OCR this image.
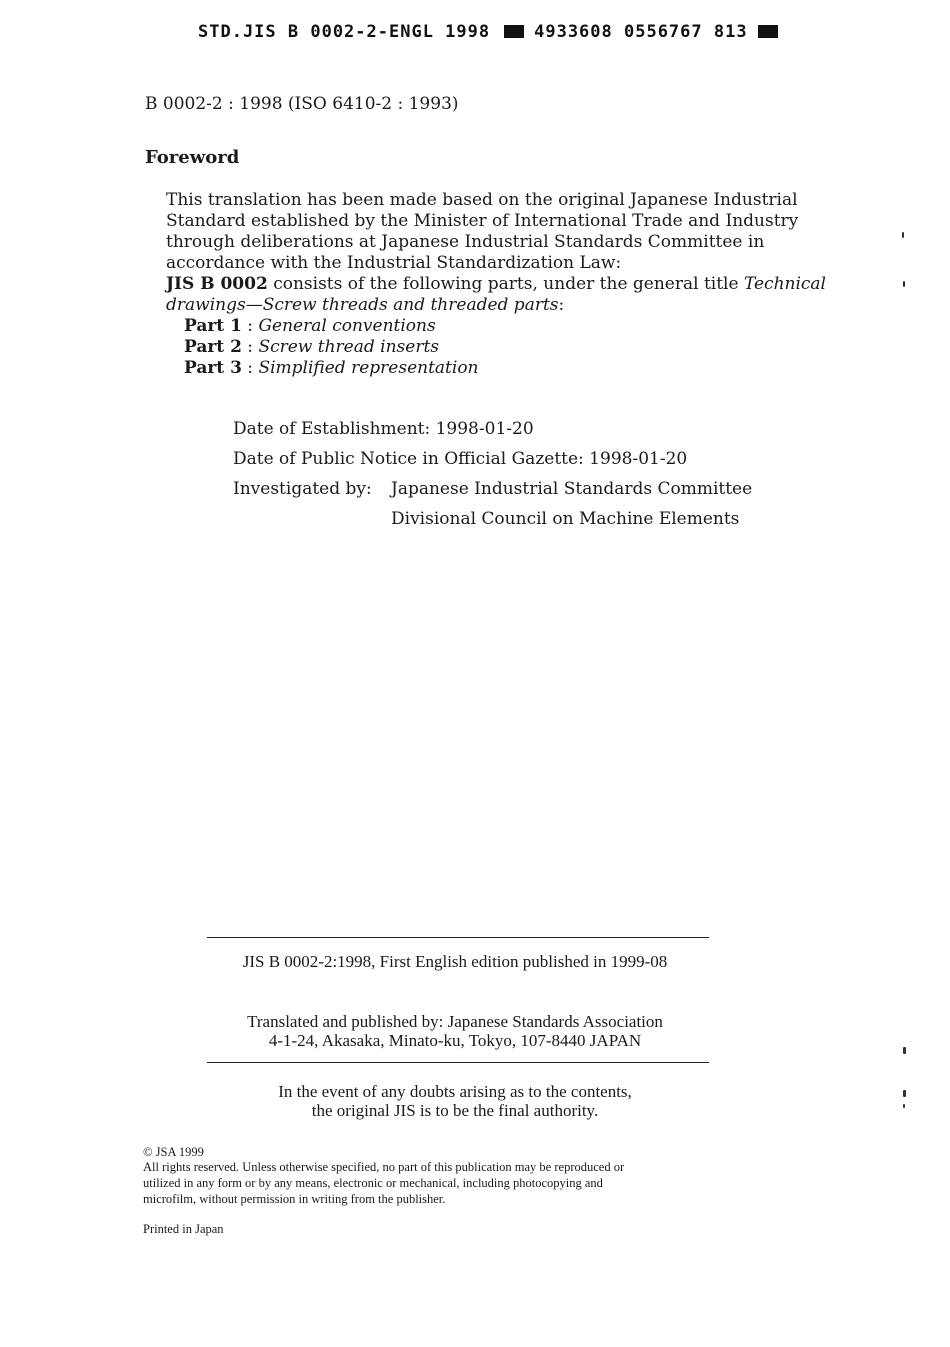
STD.JIS B 0002-2-ENGL 1998	4933608 0556767 813
B 0002-2 : 1998 (ISO 6410-2 : 1993)
Foreword
This translation has been made based on the original Japanese Industrial
Standard established by the Minister of International Trade and Industry
through deliberations at Japanese Industrial Standards Committee in
accordance with the Industrial Standardization Law:
JIS B 0002 consists of the following parts, under the general title Technical
drawings—Screw threads and threaded parts:
Part 1 : General conventions
Part 2 : Screw thread inserts
Part 3 : Simplified representation
Date of Establishment: 1998-01-20
Date of Public Notice in Official Gazette: 1998-01-20
Investigated by: Japanese Industrial Standards Committee
Divisional Council on Machine Elements
JIS B 0002-2:1998, First English edition published in 1999-08
Translated and published by: Japanese Standards Association
4-1-24, Akasaka, Minato-ku, Tokyo, 107-8440 JAPAN
In the event of any doubts arising as to the contents,
the original JIS is to be the final authority.
© JSA 1999
All rights reserved. Unless otherwise specified, no part of this publication may be reproduced or
utilized in any form or by any means, electronic or mechanical, including photocopying and
microfilm, without permission in writing from the publisher.
Printed in Japan
